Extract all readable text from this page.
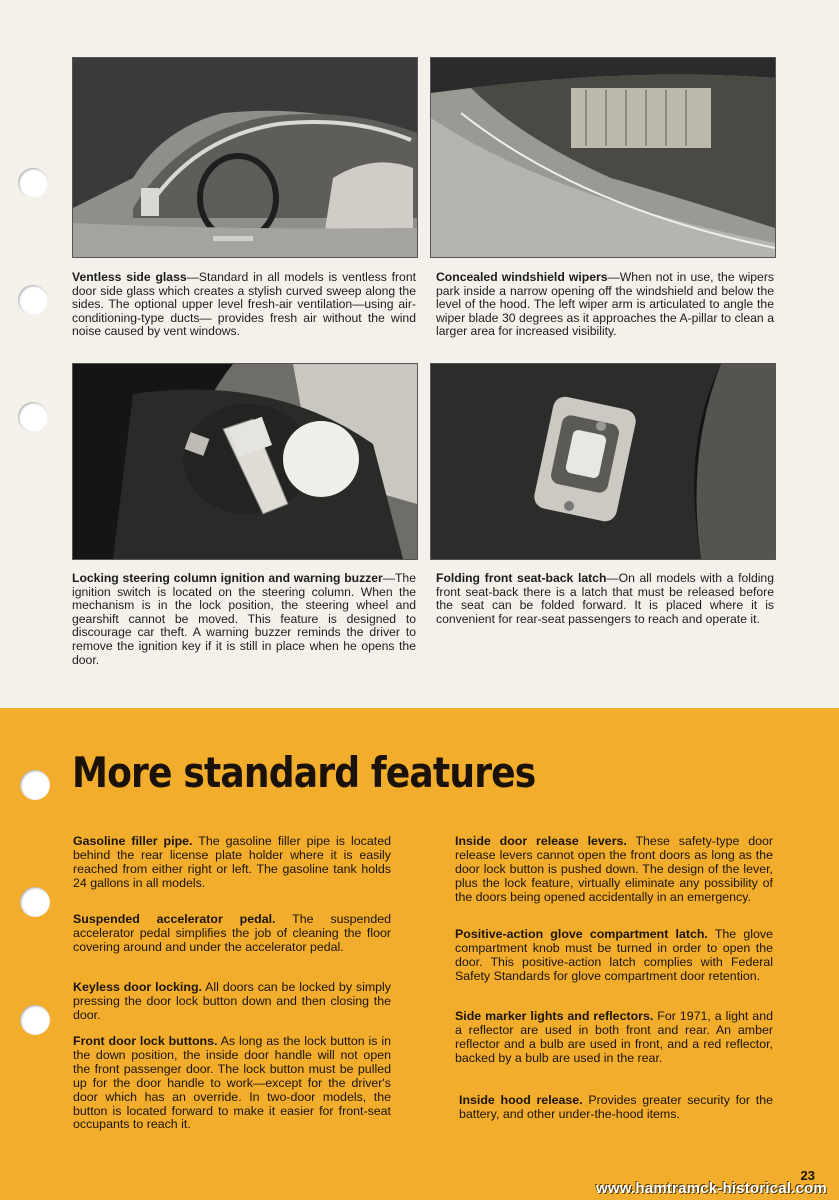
Ventless side glass—Standard in all models is ventless front door side glass which creates a stylish curved sweep along the sides. The optional upper level fresh-air ventilation—using air-conditioning-type ducts— provides fresh air without the wind noise caused by vent windows.
Concealed windshield wipers—When not in use, the wipers park inside a narrow opening off the windshield and below the level of the hood. The left wiper arm is articulated to angle the wiper blade 30 degrees as it approaches the A-pillar to clean a larger area for increased visibility.
Locking steering column ignition and warning buzzer—The ignition switch is located on the steering column. When the mechanism is in the lock position, the steering wheel and gearshift cannot be moved. This feature is designed to discourage car theft. A warning buzzer reminds the driver to remove the ignition key if it is still in place when he opens the door.
Folding front seat-back latch—On all models with a folding front seat-back there is a latch that must be released before the seat can be folded forward. It is placed where it is convenient for rear-seat passengers to reach and operate it.
More standard features
Gasoline filler pipe. The gasoline filler pipe is located behind the rear license plate holder where it is easily reached from either right or left. The gasoline tank holds 24 gallons in all models.
Suspended accelerator pedal. The suspended accelerator pedal simplifies the job of cleaning the floor covering around and under the accelerator pedal.
Keyless door locking. All doors can be locked by simply pressing the door lock button down and then closing the door.
Front door lock buttons. As long as the lock button is in the down position, the inside door handle will not open the front passenger door. The lock button must be pulled up for the door handle to work—except for the driver's door which has an override. In two-door models, the button is located forward to make it easier for front-seat occupants to reach it.
Inside door release levers. These safety-type door release levers cannot open the front doors as long as the door lock button is pushed down. The design of the lever, plus the lock feature, virtually eliminate any possibility of the doors being opened accidentally in an emergency.
Positive-action glove compartment latch. The glove compartment knob must be turned in order to open the door. This positive-action latch complies with Federal Safety Standards for glove compartment door retention.
Side marker lights and reflectors. For 1971, a light and a reflector are used in both front and rear. An amber reflector and a bulb are used in front, and a red reflector, backed by a bulb are used in the rear.
Inside hood release. Provides greater security for the battery, and other under-the-hood items.
23
www.hamtramck-historical.com
